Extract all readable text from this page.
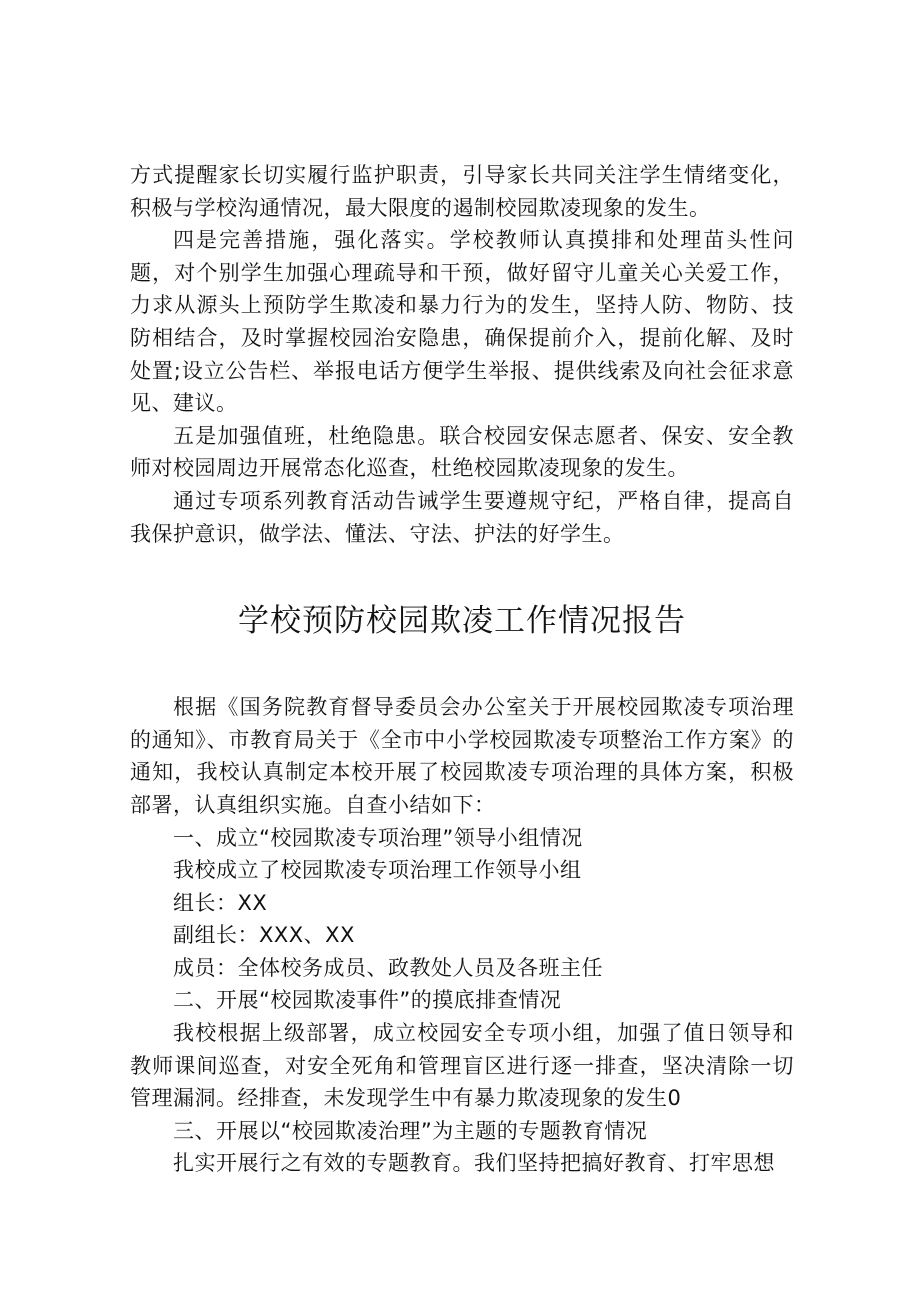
方式提醒家长切实履行监护职责，引导家长共同关注学生情绪变化，积极与学校沟通情况，最大限度的遏制校园欺凌现象的发生。

四是完善措施，强化落实。学校教师认真摸排和处理苗头性问题，对个别学生加强心理疏导和干预，做好留守儿童关心关爱工作，力求从源头上预防学生欺凌和暴力行为的发生，坚持人防、物防、技防相结合，及时掌握校园治安隐患，确保提前介入，提前化解、及时处置;设立公告栏、举报电话方便学生举报、提供线索及向社会征求意见、建议。

五是加强值班，杜绝隐患。联合校园安保志愿者、保安、安全教师对校园周边开展常态化巡查，杜绝校园欺凌现象的发生。

通过专项系列教育活动告诫学生要遵规守纪，严格自律，提高自我保护意识，做学法、懂法、守法、护法的好学生。

学校预防校园欺凌工作情况报告

根据《国务院教育督导委员会办公室关于开展校园欺凌专项治理的通知》、市教育局关于《全市中小学校园欺凌专项整治工作方案》的通知，我校认真制定本校开展了校园欺凌专项治理的具体方案，积极部署，认真组织实施。自查小结如下：

一、成立“校园欺凌专项治理”领导小组情况

我校成立了校园欺凌专项治理工作领导小组

组长：XX

副组长：XXX、XX

成员：全体校务成员、政教处人员及各班主任

二、开展“校园欺凌事件”的摸底排查情况

我校根据上级部署，成立校园安全专项小组，加强了值日领导和教师课间巡查，对安全死角和管理盲区进行逐一排查，坚决清除一切管理漏洞。经排查，未发现学生中有暴力欺凌现象的发生0

三、开展以“校园欺凌治理”为主题的专题教育情况

扎实开展行之有效的专题教育。我们坚持把搞好教育、打牢思想
